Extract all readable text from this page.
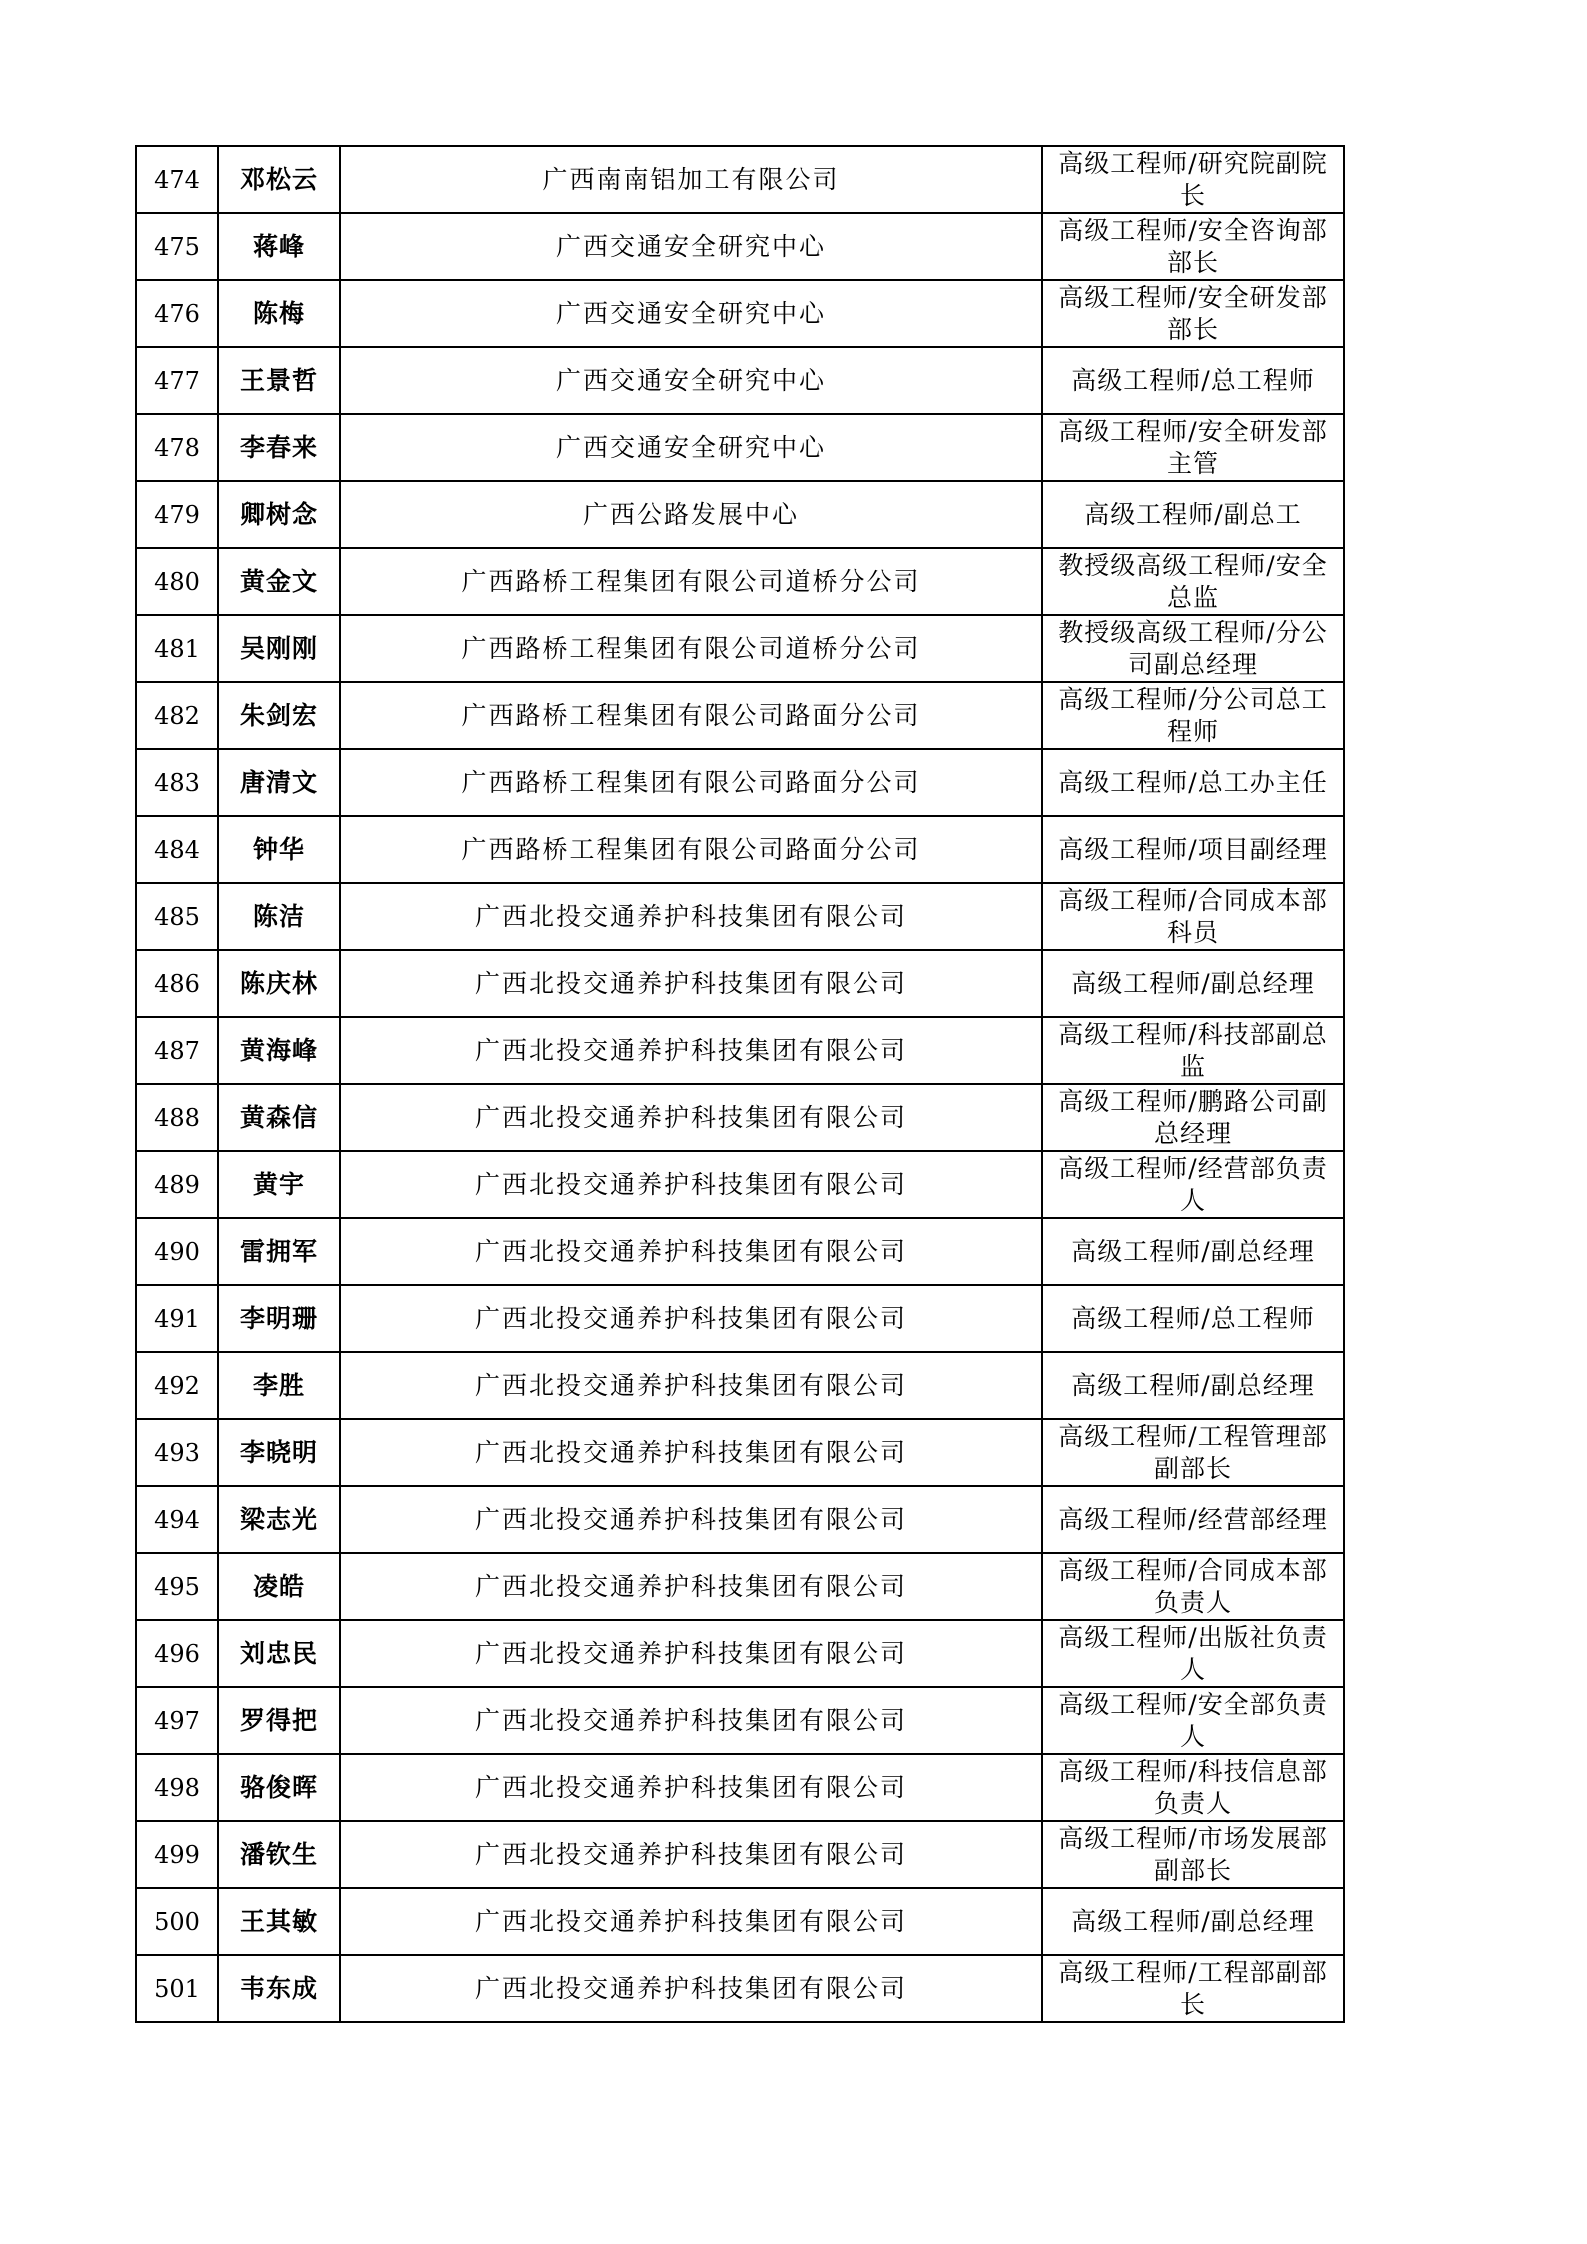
474	邓松云	广西南南铝加工有限公司	高级工程师/研究院副院长
475	蒋峰	广西交通安全研究中心	高级工程师/安全咨询部部长
476	陈梅	广西交通安全研究中心	高级工程师/安全研发部部长
477	王景哲	广西交通安全研究中心	高级工程师/总工程师
478	李春来	广西交通安全研究中心	高级工程师/安全研发部主管
479	卿树念	广西公路发展中心	高级工程师/副总工
480	黄金文	广西路桥工程集团有限公司道桥分公司	教授级高级工程师/安全总监
481	吴刚刚	广西路桥工程集团有限公司道桥分公司	教授级高级工程师/分公司副总经理
482	朱剑宏	广西路桥工程集团有限公司路面分公司	高级工程师/分公司总工程师
483	唐清文	广西路桥工程集团有限公司路面分公司	高级工程师/总工办主任
484	钟华	广西路桥工程集团有限公司路面分公司	高级工程师/项目副经理
485	陈洁	广西北投交通养护科技集团有限公司	高级工程师/合同成本部科员
486	陈庆林	广西北投交通养护科技集团有限公司	高级工程师/副总经理
487	黄海峰	广西北投交通养护科技集团有限公司	高级工程师/科技部副总监
488	黄森信	广西北投交通养护科技集团有限公司	高级工程师/鹏路公司副总经理
489	黄宇	广西北投交通养护科技集团有限公司	高级工程师/经营部负责人
490	雷拥军	广西北投交通养护科技集团有限公司	高级工程师/副总经理
491	李明珊	广西北投交通养护科技集团有限公司	高级工程师/总工程师
492	李胜	广西北投交通养护科技集团有限公司	高级工程师/副总经理
493	李晓明	广西北投交通养护科技集团有限公司	高级工程师/工程管理部副部长
494	梁志光	广西北投交通养护科技集团有限公司	高级工程师/经营部经理
495	凌皓	广西北投交通养护科技集团有限公司	高级工程师/合同成本部负责人
496	刘忠民	广西北投交通养护科技集团有限公司	高级工程师/出版社负责人
497	罗得把	广西北投交通养护科技集团有限公司	高级工程师/安全部负责人
498	骆俊晖	广西北投交通养护科技集团有限公司	高级工程师/科技信息部负责人
499	潘钦生	广西北投交通养护科技集团有限公司	高级工程师/市场发展部副部长
500	王其敏	广西北投交通养护科技集团有限公司	高级工程师/副总经理
501	韦东成	广西北投交通养护科技集团有限公司	高级工程师/工程部副部长
